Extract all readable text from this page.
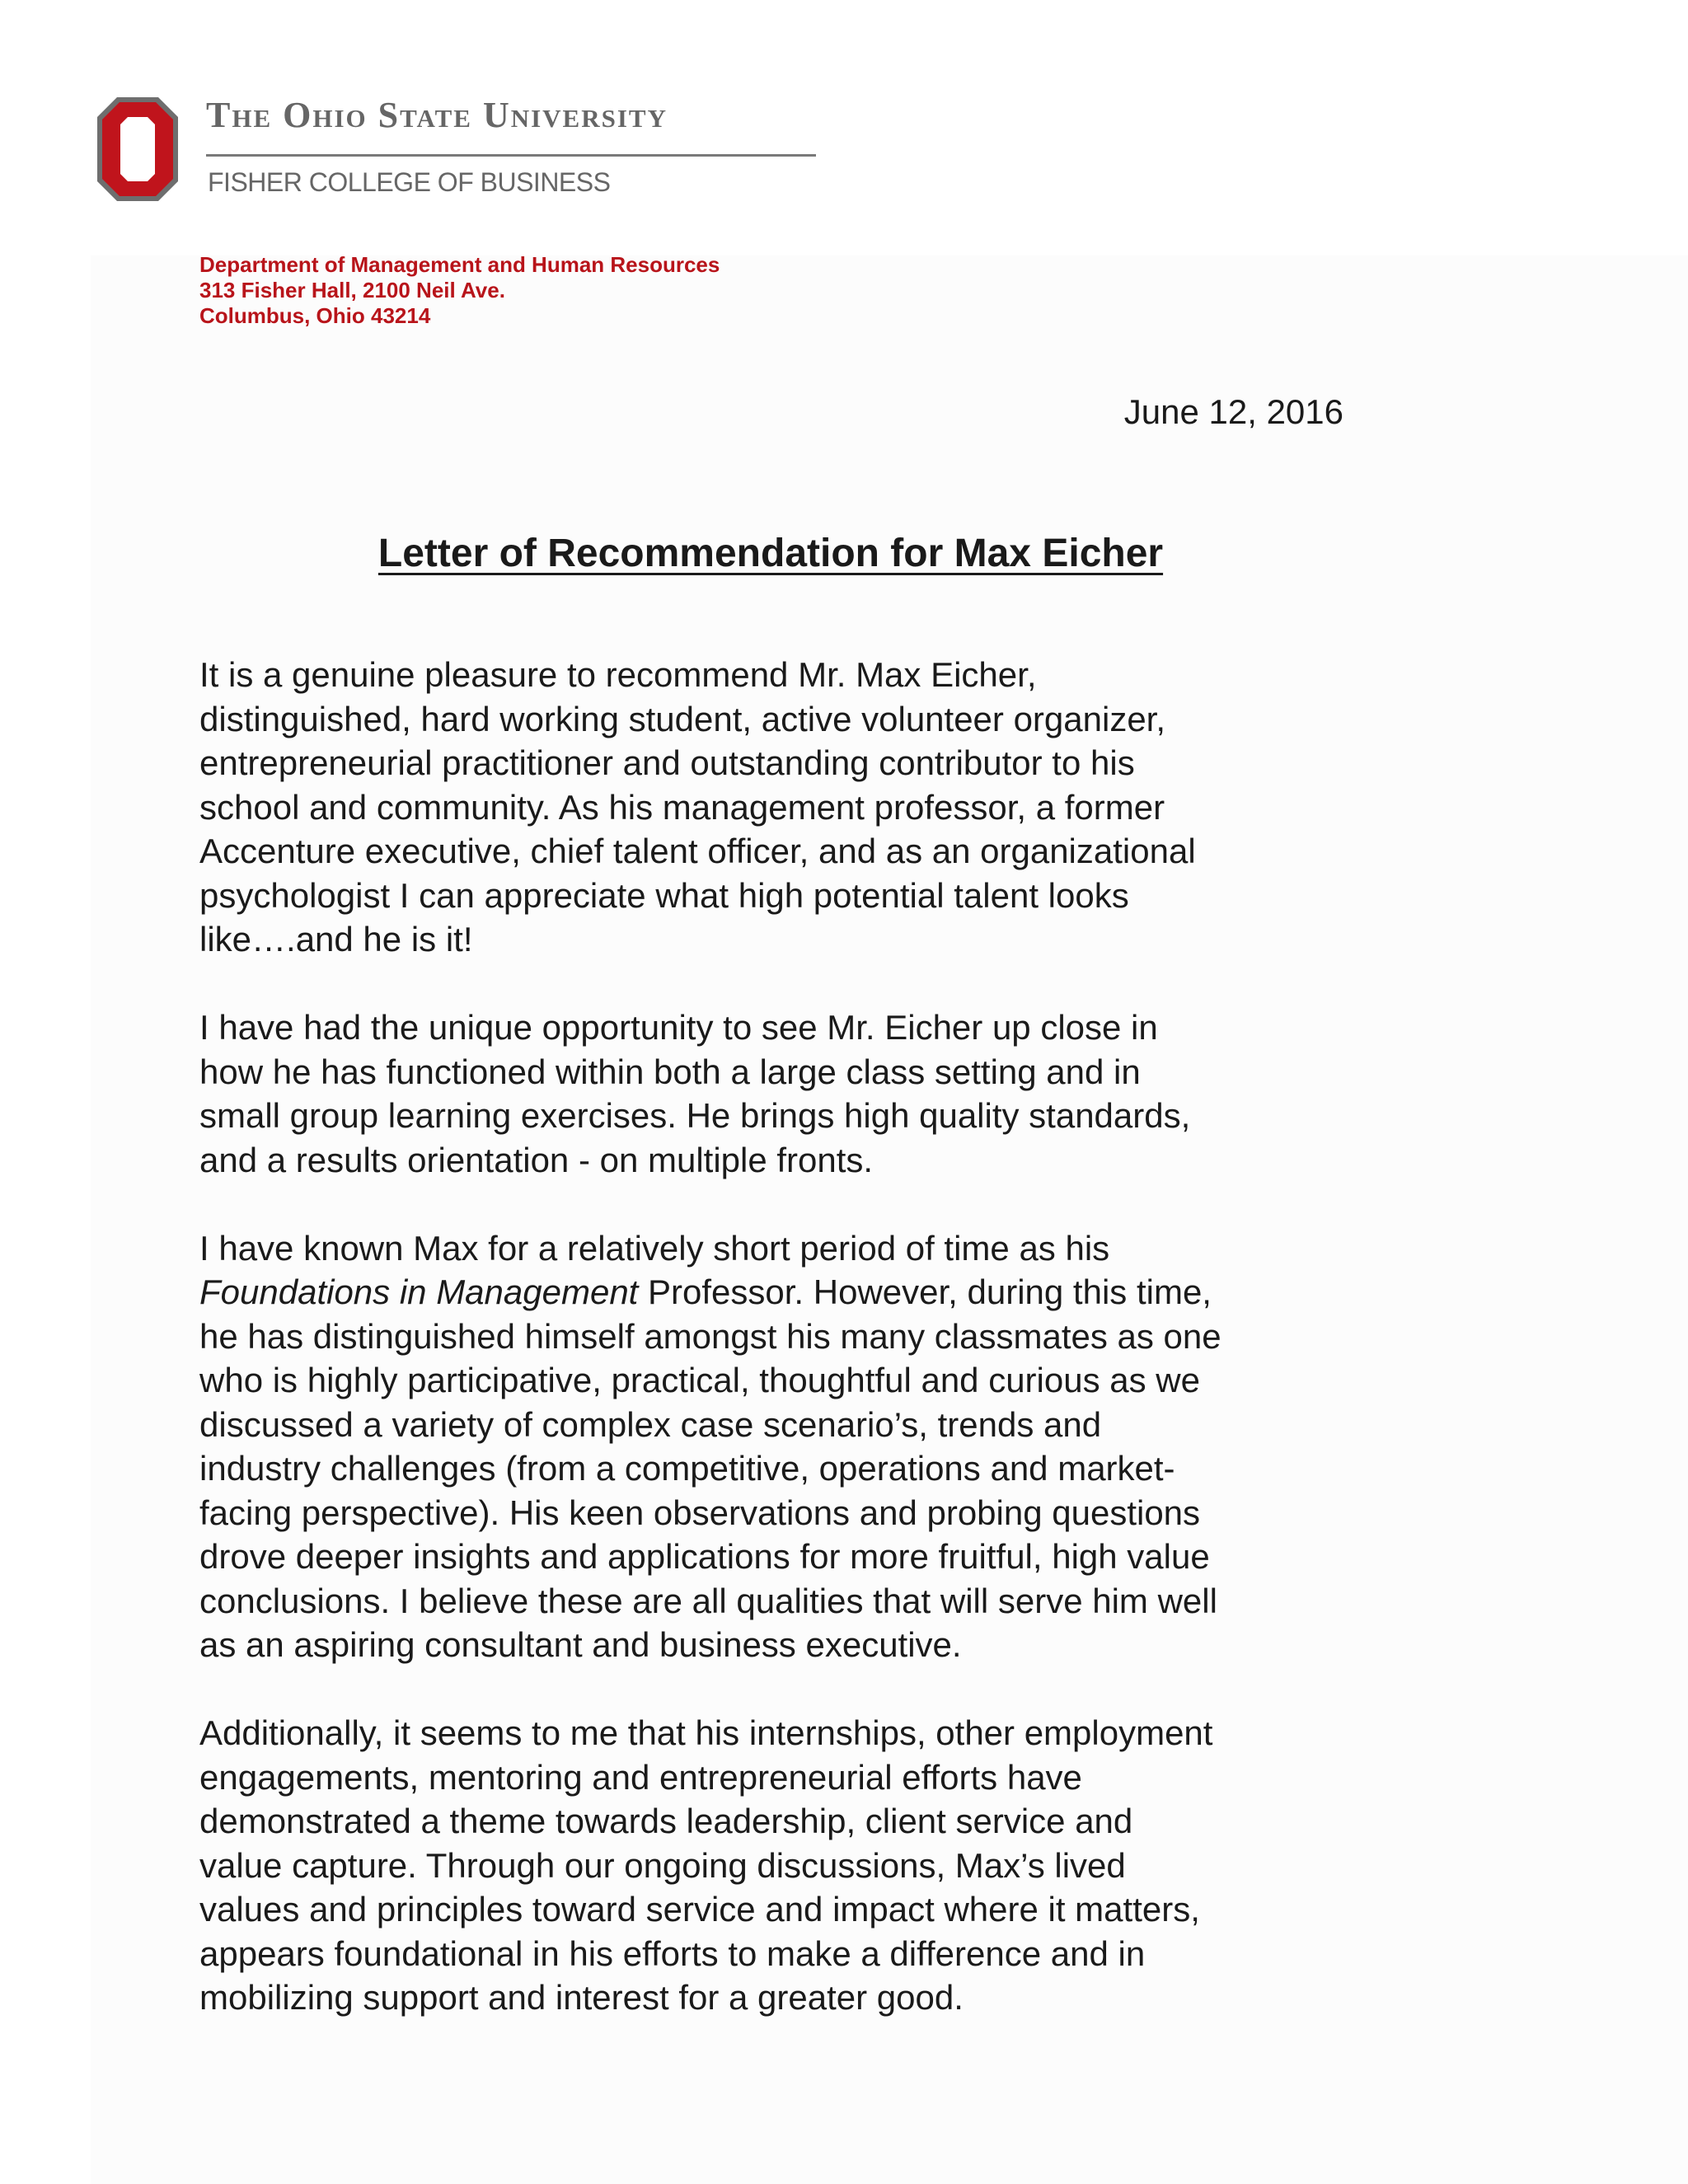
The Ohio State University
FISHER COLLEGE OF BUSINESS
Department of Management and Human Resources
313 Fisher Hall, 2100 Neil Ave.
Columbus, Ohio 43214
June 12, 2016
Letter of Recommendation for Max Eicher
It is a genuine pleasure to recommend Mr. Max Eicher,
distinguished, hard working student, active volunteer organizer,
entrepreneurial practitioner and outstanding contributor to his
school and community. As his management professor, a former
Accenture executive, chief talent officer, and as an organizational
psychologist I can appreciate what high potential talent looks
like….and he is it!
I have had the unique opportunity to see Mr. Eicher up close in
how he has functioned within both a large class setting and in
small group learning exercises. He brings high quality standards,
and a results orientation - on multiple fronts.
I have known Max for a relatively short period of time as his
Foundations in Management Professor. However, during this time,
he has distinguished himself amongst his many classmates as one
who is highly participative, practical, thoughtful and curious as we
discussed a variety of complex case scenario’s, trends and
industry challenges (from a competitive, operations and market-
facing perspective). His keen observations and probing questions
drove deeper insights and applications for more fruitful, high value
conclusions. I believe these are all qualities that will serve him well
as an aspiring consultant and business executive.
Additionally, it seems to me that his internships, other employment
engagements, mentoring and entrepreneurial efforts have
demonstrated a theme towards leadership, client service and
value capture. Through our ongoing discussions, Max’s lived
values and principles toward service and impact where it matters,
appears foundational in his efforts to make a difference and in
mobilizing support and interest for a greater good.
